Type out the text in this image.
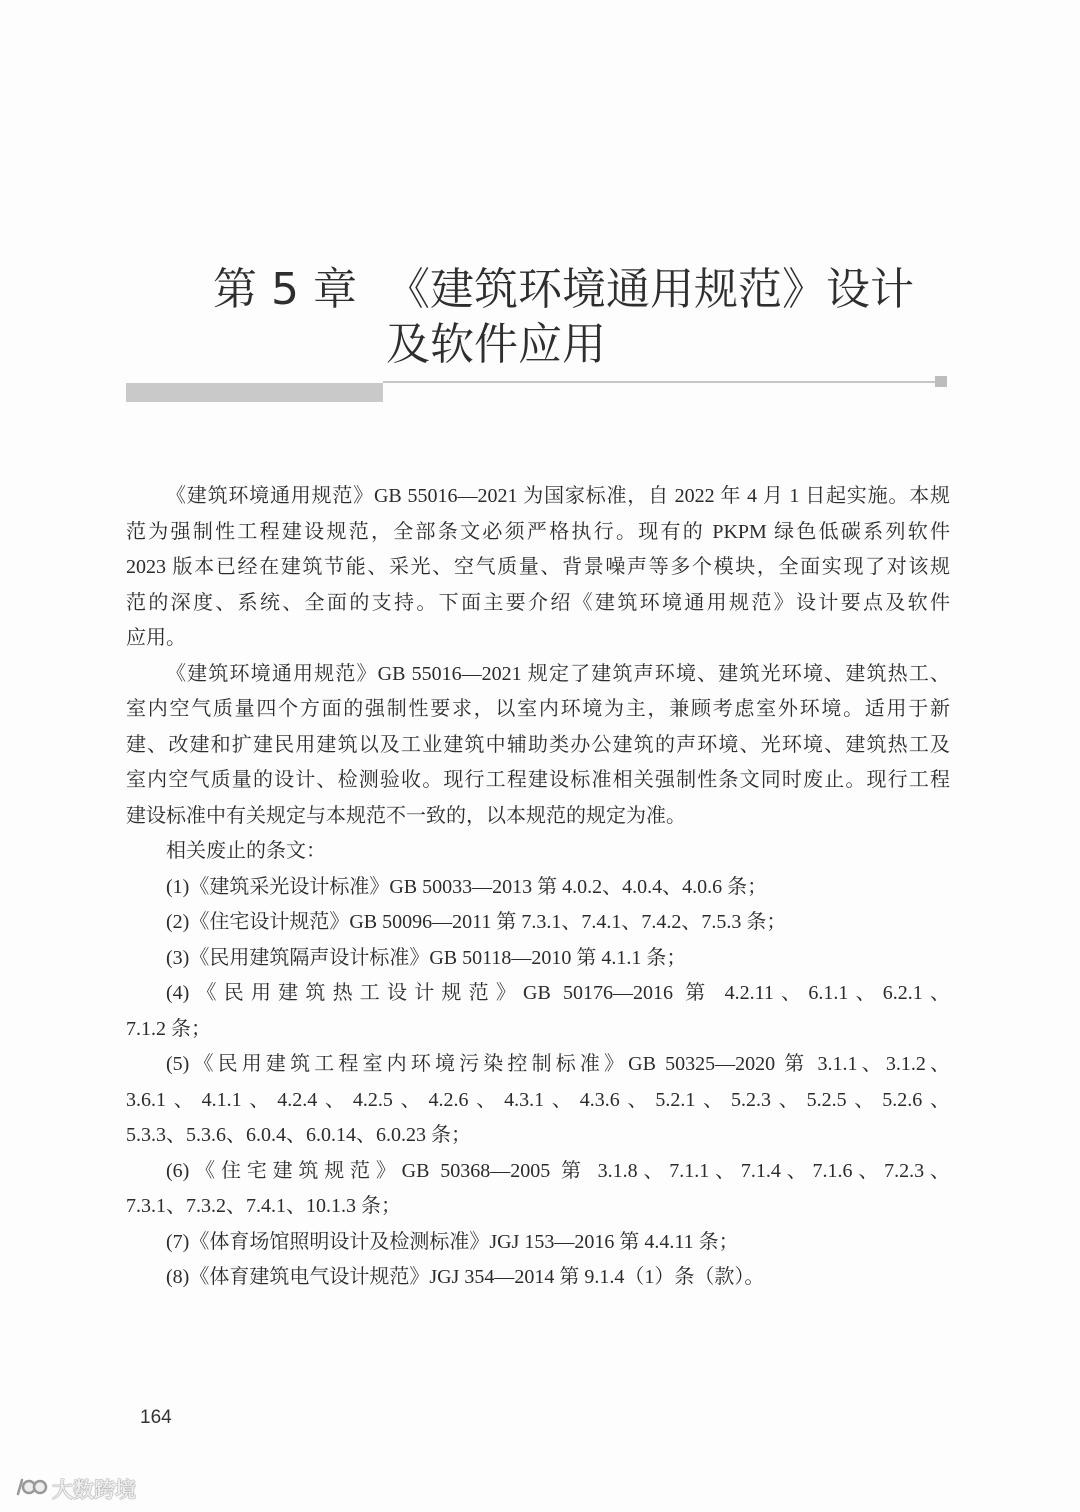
第 5 章 《建筑环境通用规范》设计
及软件应用
《建筑环境通用规范》GB 55016—2021 为国家标准，自 2022 年 4 月 1 日起实施。本规
范为强制性工程建设规范，全部条文必须严格执行。现有的 PKPM 绿色低碳系列软件
2023 版本已经在建筑节能、采光、空气质量、背景噪声等多个模块，全面实现了对该规
范的深度、系统、全面的支持。下面主要介绍《建筑环境通用规范》设计要点及软件
应用。
《建筑环境通用规范》GB 55016—2021 规定了建筑声环境、建筑光环境、建筑热工、
室内空气质量四个方面的强制性要求，以室内环境为主，兼顾考虑室外环境。适用于新
建、改建和扩建民用建筑以及工业建筑中辅助类办公建筑的声环境、光环境、建筑热工及
室内空气质量的设计、检测验收。现行工程建设标准相关强制性条文同时废止。现行工程
建设标准中有关规定与本规范不一致的，以本规范的规定为准。
相关废止的条文：
(1)《建筑采光设计标准》GB 50033—2013 第 4.0.2、4.0.4、4.0.6 条；
(2)《住宅设计规范》GB 50096—2011 第 7.3.1、7.4.1、7.4.2、7.5.3 条；
(3)《民用建筑隔声设计标准》GB 50118—2010 第 4.1.1 条；
(4)《民用建筑热工设计规范》GB 50176—2016 第 4.2.11、6.1.1、6.2.1、
7.1.2 条；
(5)《民用建筑工程室内环境污染控制标准》GB 50325—2020 第 3.1.1、3.1.2、
3.6.1、4.1.1、4.2.4、4.2.5、4.2.6、4.3.1、4.3.6、5.2.1、5.2.3、5.2.5、5.2.6、
5.3.3、5.3.6、6.0.4、6.0.14、6.0.23 条；
(6)《住宅建筑规范》GB 50368—2005 第 3.1.8、7.1.1、7.1.4、7.1.6、7.2.3、
7.3.1、7.3.2、7.4.1、10.1.3 条；
(7)《体育场馆照明设计及检测标准》JGJ 153—2016 第 4.4.11 条；
(8)《体育建筑电气设计规范》JGJ 354—2014 第 9.1.4（1）条（款）。
164
大数跨境
